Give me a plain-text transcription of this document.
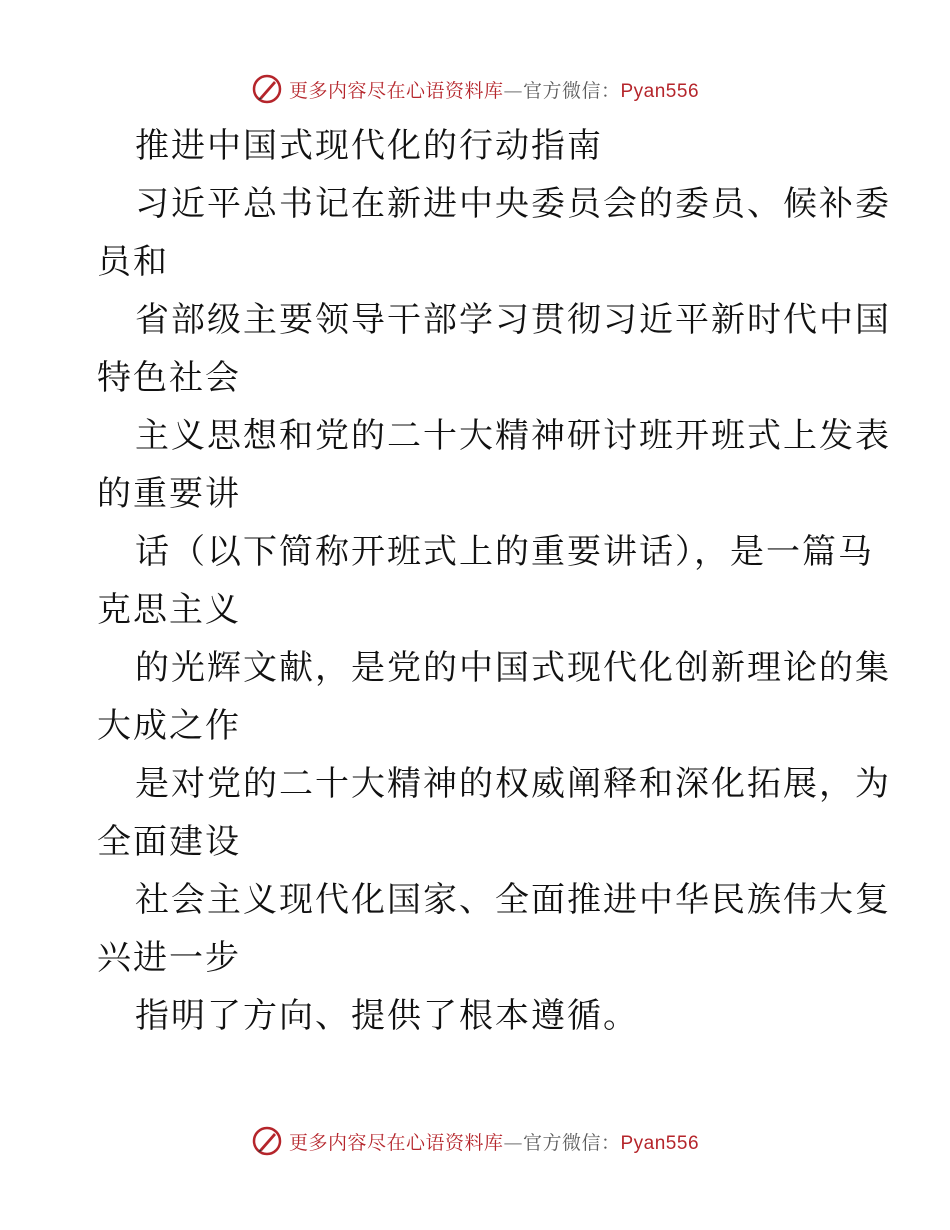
更多内容尽在心语资料库—官方微信：Pyan556

推进中国式现代化的行动指南

习近平总书记在新进中央委员会的委员、候补委

员和

省部级主要领导干部学习贯彻习近平新时代中国

特色社会

主义思想和党的二十大精神研讨班开班式上发表

的重要讲

话（以下简称开班式上的重要讲话），是一篇马

克思主义

的光辉文献，是党的中国式现代化创新理论的集

大成之作

是对党的二十大精神的权威阐释和深化拓展，为

全面建设

社会主义现代化国家、全面推进中华民族伟大复

兴进一步

指明了方向、提供了根本遵循。

更多内容尽在心语资料库—官方微信：Pyan556
